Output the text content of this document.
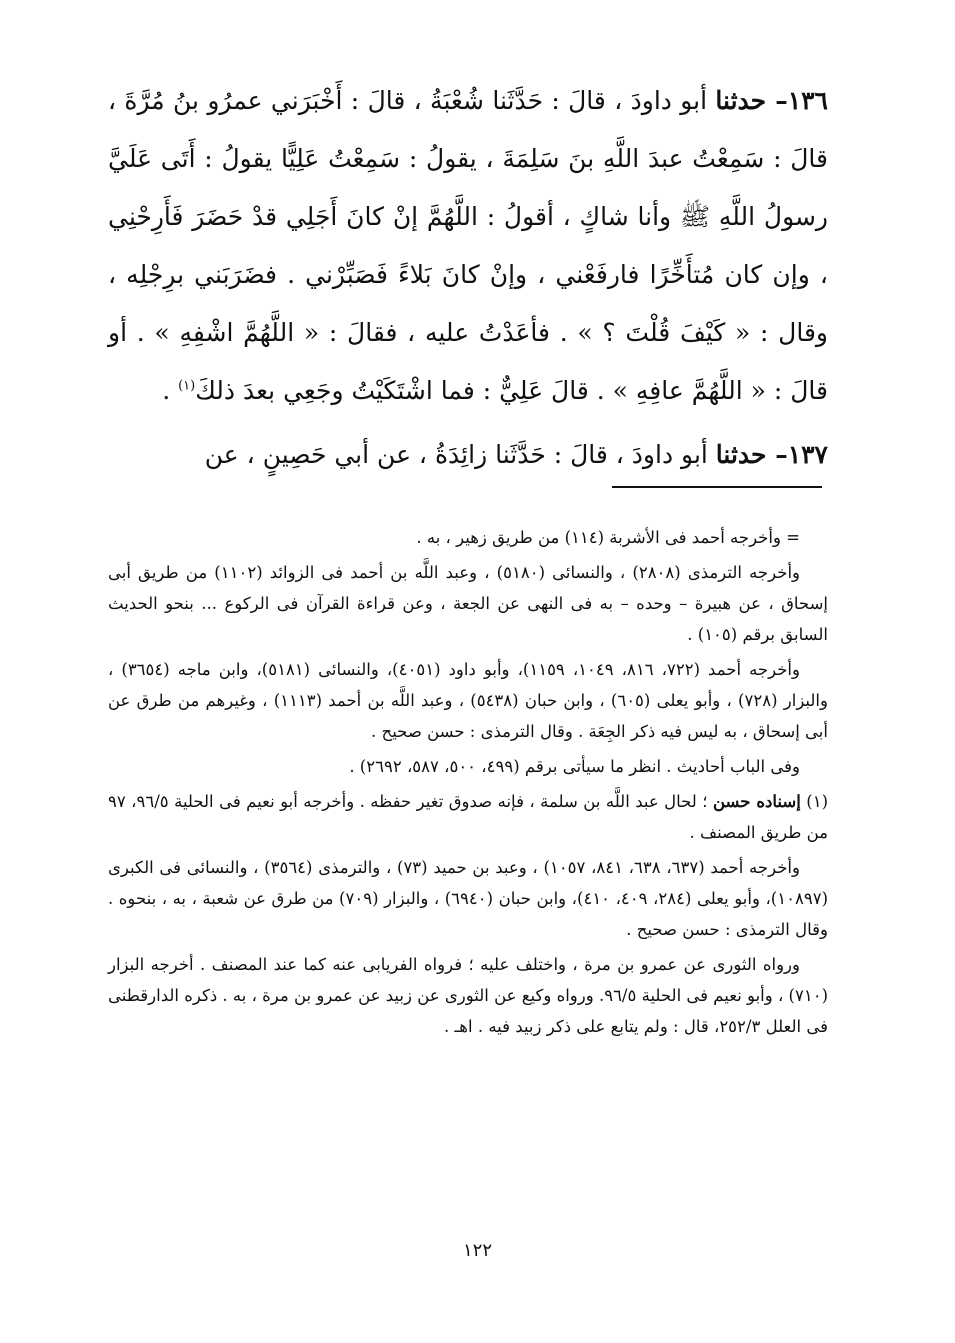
١٣٦– حدثنا أبو داودَ ، قالَ : حَدَّثَنا شُعْبَةُ ، قالَ : أَخْبَرَني عمرُو بنُ مُرَّةَ ، قالَ : سَمِعْتُ عبدَ اللَّهِ بنَ سَلِمَةَ ، يقولُ : سَمِعْتُ عَلِيًّا يقولُ : أَتَى عَلَيَّ رسولُ اللَّهِ ﷺ وأنا شاكٍ ، أقولُ : اللَّهُمَّ إنْ كانَ أَجَلِي قدْ حَضَرَ فَأَرِحْنِي ، وإن كان مُتأَخِّرًا فارفَعْني ، وإنْ كانَ بَلاءً فَصَبِّرْني . فضَرَبَني برِجْلِه ، وقال : « كَيْفَ قُلْتَ ؟ » . فأعَدْتُ عليه ، فقالَ : « اللَّهُمَّ اشْفِهِ » . أو قالَ : « اللَّهُمَّ عافِهِ » . قالَ عَلِيٌّ : فما اشْتَكَيْتُ وجَعِي بعدَ ذلكَ$^{(١)}$ .

١٣٧– حدثنا أبو داودَ ، قالَ : حَدَّثَنا زائِدَةُ ، عن أبي حَصِينٍ ، عن

= وأخرجه أحمد فى الأشربة (١١٤) من طريق زهير ، به .

وأخرجه الترمذى (٢٨٠٨) ، والنسائى (٥١٨٠) ، وعبد اللَّه بن أحمد فى الزوائد (١١٠٢) من طريق أبى إسحاق ، عن هبيرة – وحده – به فى النهى عن الجعة ، وعن قراءة القرآن فى الركوع ... بنحو الحديث السابق برقم (١٠٥) .

وأخرجه أحمد (٧٢٢، ٨١٦، ١٠٤٩، ١١٥٩)، وأبو داود (٤٠٥١)، والنسائى (٥١٨١)، وابن ماجه (٣٦٥٤) ، والبزار (٧٢٨) ، وأبو يعلى (٦٠٥) ، وابن حبان (٥٤٣٨) ، وعبد اللَّه بن أحمد (١١١٣) ، وغيرهم من طرق عن أبى إسحاق ، به ليس فيه ذكر الجِعَة . وقال الترمذى : حسن صحيح .

وفى الباب أحاديث . انظر ما سيأتى برقم (٤٩٩، ٥٠٠، ٥٨٧، ٢٦٩٢) .

(١) إسناده حسن ؛ لحال عبد اللَّه بن سلمة ، فإنه صدوق تغير حفظه . وأخرجه أبو نعيم فى الحلية ٩٦/٥، ٩٧ من طريق المصنف .

وأخرجه أحمد (٦٣٧، ٦٣٨، ٨٤١، ١٠٥٧) ، وعبد بن حميد (٧٣) ، والترمذى (٣٥٦٤) ، والنسائى فى الكبرى (١٠٨٩٧)، وأبو يعلى (٢٨٤، ٤٠٩، ٤١٠)، وابن حبان (٦٩٤٠) ، والبزار (٧٠٩) من طرق عن شعبة ، به ، بنحوه . وقال الترمذى : حسن صحيح .

ورواه الثورى عن عمرو بن مرة ، واختلف عليه ؛ فرواه الفريابى عنه كما عند المصنف . أخرجه البزار (٧١٠) ، وأبو نعيم فى الحلية ٩٦/٥. ورواه وكيع عن الثورى عن زبيد عن عمرو بن مرة ، به . ذكره الدارقطنى فى العلل ٢٥٢/٣، قال : ولم يتابع على ذكر زبيد فيه . اهـ .

١٢٢
